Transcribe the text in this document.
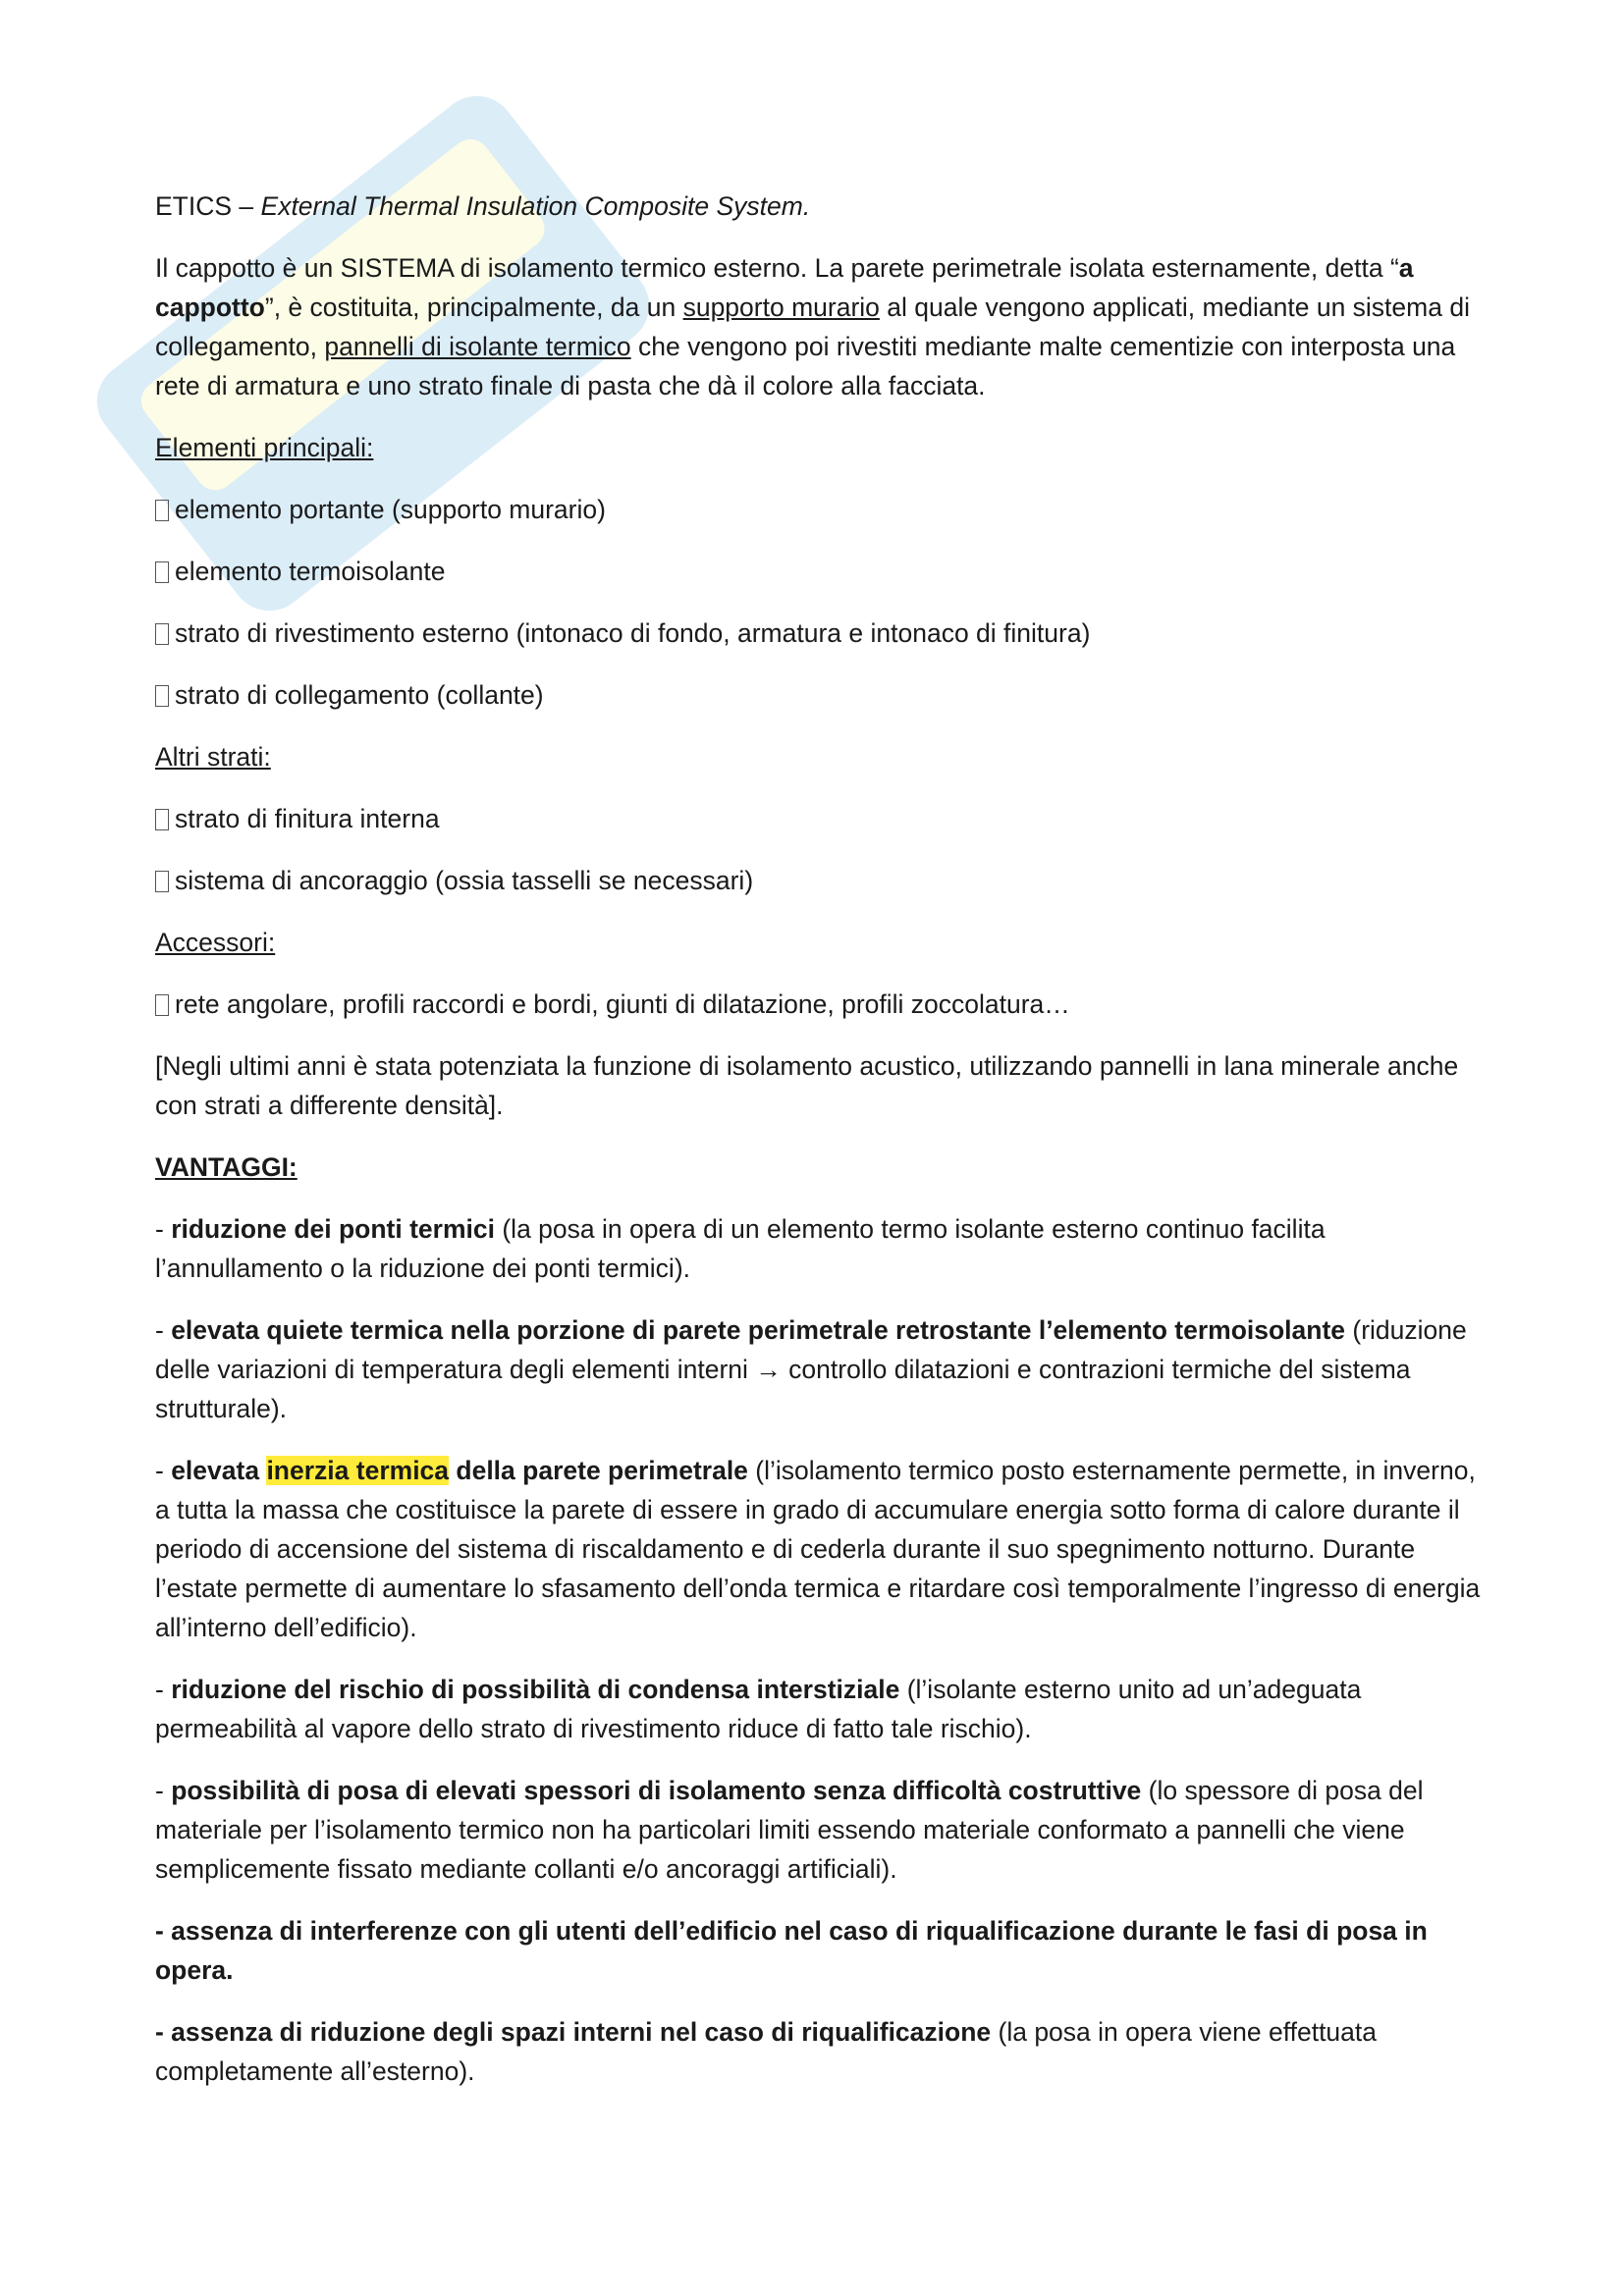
ETICS – External Thermal Insulation Composite System.

Il cappotto è un SISTEMA di isolamento termico esterno. La parete perimetrale isolata esternamente, detta “a cappotto”, è costituita, principalmente, da un supporto murario al quale vengono applicati, mediante un sistema di collegamento, pannelli di isolante termico che vengono poi rivestiti mediante malte cementizie con interposta una rete di armatura e uno strato finale di pasta che dà il colore alla facciata.

Elementi principali:

elemento portante (supporto murario)

elemento termoisolante

strato di rivestimento esterno (intonaco di fondo, armatura e intonaco di finitura)

strato di collegamento (collante)

Altri strati:

strato di finitura interna

sistema di ancoraggio (ossia tasselli se necessari)

Accessori:

rete angolare, profili raccordi e bordi, giunti di dilatazione, profili zoccolatura…

[Negli ultimi anni è stata potenziata la funzione di isolamento acustico, utilizzando pannelli in lana minerale anche con strati a differente densità].

VANTAGGI:

- riduzione dei ponti termici (la posa in opera di un elemento termo isolante esterno continuo facilita l’annullamento o la riduzione dei ponti termici).

- elevata quiete termica nella porzione di parete perimetrale retrostante l’elemento termoisolante (riduzione delle variazioni di temperatura degli elementi interni → controllo dilatazioni e contrazioni termiche del sistema strutturale).

- elevata inerzia termica della parete perimetrale (l’isolamento termico posto esternamente permette, in inverno, a tutta la massa che costituisce la parete di essere in grado di accumulare energia sotto forma di calore durante il periodo di accensione del sistema di riscaldamento e di cederla durante il suo spegnimento notturno. Durante l’estate permette di aumentare lo sfasamento dell’onda termica e ritardare così temporalmente l’ingresso di energia all’interno dell’edificio).

- riduzione del rischio di possibilità di condensa interstiziale (l’isolante esterno unito ad un’adeguata permeabilità al vapore dello strato di rivestimento riduce di fatto tale rischio).

- possibilità di posa di elevati spessori di isolamento senza difficoltà costruttive (lo spessore di posa del materiale per l’isolamento termico non ha particolari limiti essendo materiale conformato a pannelli che viene semplicemente fissato mediante collanti e/o ancoraggi artificiali).

- assenza di interferenze con gli utenti dell’edificio nel caso di riqualificazione durante le fasi di posa in opera.

- assenza di riduzione degli spazi interni nel caso di riqualificazione (la posa in opera viene effettuata completamente all’esterno).
